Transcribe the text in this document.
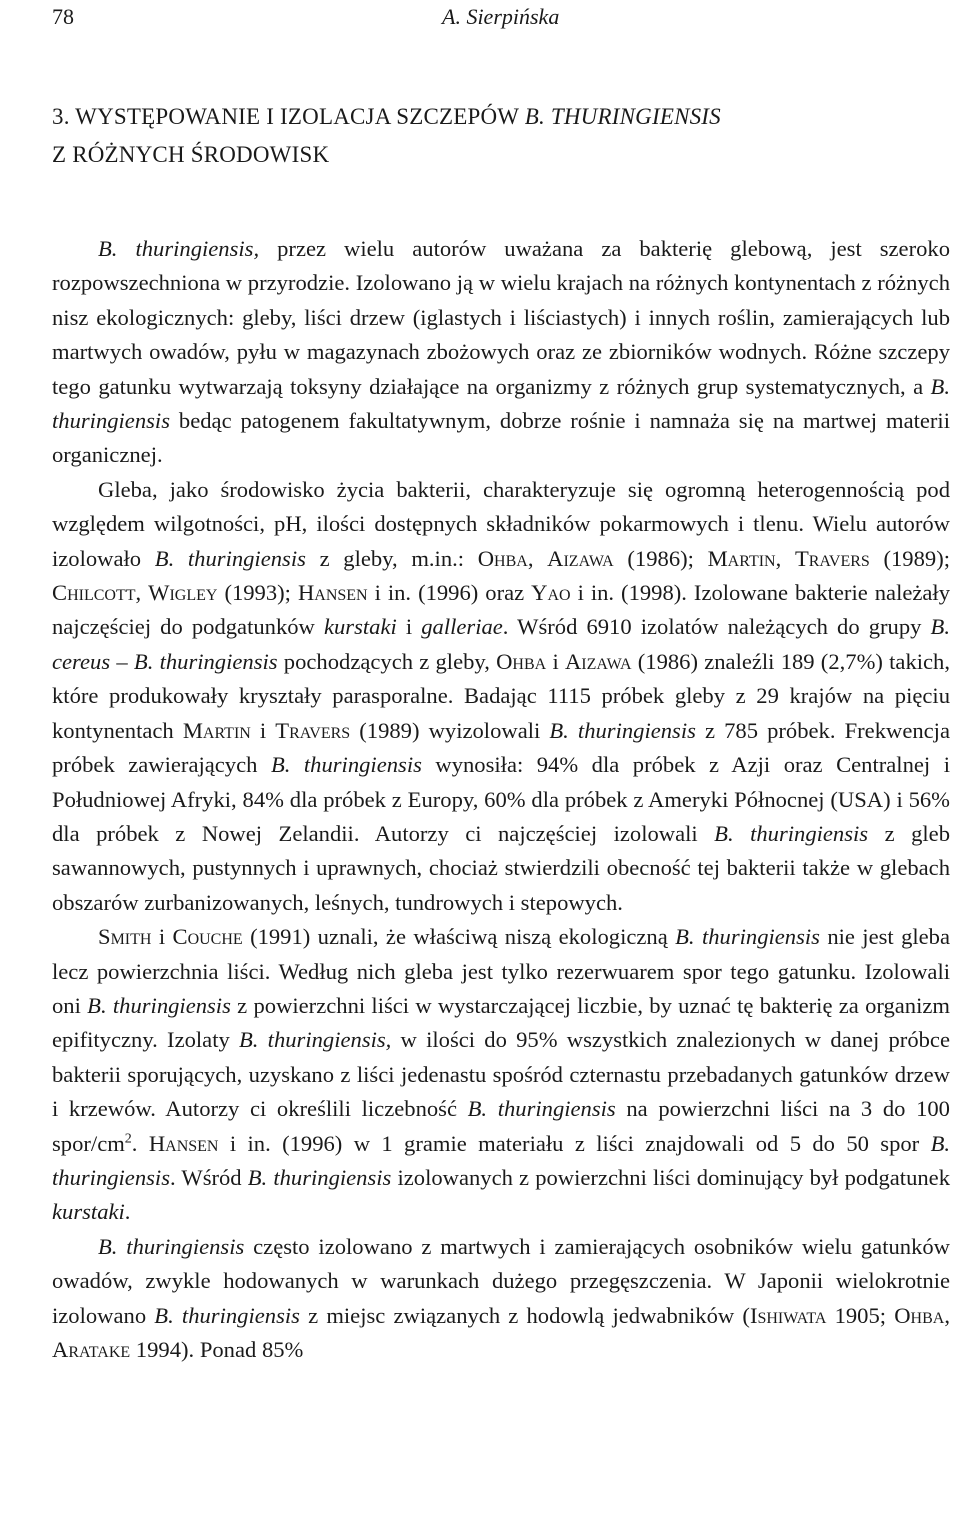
78	A. Sierpińska
3. WYSTĘPOWANIE I IZOLACJA SZCZEPÓW B. THURINGIENSIS
Z RÓŻNYCH ŚRODOWISK

B. thuringiensis, przez wielu autorów uważana za bakterię glebową, jest szeroko rozpowszechniona w przyrodzie. Izolowano ją w wielu krajach na różnych kontynentach z różnych nisz ekologicznych: gleby, liści drzew (iglastych i liściastych) i innych roślin, zamierających lub martwych owadów, pyłu w magazynach zbożowych oraz ze zbiorników wodnych. Różne szczepy tego gatunku wytwarzają toksyny działające na organizmy z różnych grup systematycznych, a B. thuringiensis bedąc patogenem fakultatywnym, dobrze rośnie i namnaża się na martwej materii organicznej.

Gleba, jako środowisko życia bakterii, charakteryzuje się ogromną heterogennością pod względem wilgotności, pH, ilości dostępnych składników pokarmowych i tlenu. Wielu autorów izolowało B. thuringiensis z gleby, m.in.: Ohba, Aizawa (1986); Martin, Travers (1989); Chilcott, Wigley (1993); Hansen i in. (1996) oraz Yao i in. (1998). Izolowane bakterie należały najczęściej do podgatunków kurstaki i galleriae. Wśród 6910 izolatów należących do grupy B. cereus – B. thuringiensis pochodzących z gleby, Ohba i Aizawa (1986) znaleźli 189 (2,7%) takich, które produkowały kryształy parasporalne. Badając 1115 próbek gleby z 29 krajów na pięciu kontynentach Martin i Travers (1989) wyizolowali B. thuringiensis z 785 próbek. Frekwencja próbek zawierających B. thuringiensis wynosiła: 94% dla próbek z Azji oraz Centralnej i Południowej Afryki, 84% dla próbek z Europy, 60% dla próbek z Ameryki Północnej (USA) i 56% dla próbek z Nowej Zelandii. Autorzy ci najczęściej izolowali B. thuringiensis z gleb sawannowych, pustynnych i uprawnych, chociaż stwierdzili obecność tej bakterii także w glebach obszarów zurbanizowanych, leśnych, tundrowych i stepowych.

Smith i Couche (1991) uznali, że właściwą niszą ekologiczną B. thuringiensis nie jest gleba lecz powierzchnia liści. Według nich gleba jest tylko rezerwuarem spor tego gatunku. Izolowali oni B. thuringiensis z powierzchni liści w wystarczającej liczbie, by uznać tę bakterię za organizm epifityczny. Izolaty B. thuringiensis, w ilości do 95% wszystkich znalezionych w danej próbce bakterii sporujących, uzyskano z liści jedenastu spośród czternastu przebadanych gatunków drzew i krzewów. Autorzy ci określili liczebność B. thuringiensis na powierzchni liści na 3 do 100 spor/$cm^2$. Hansen i in. (1996) w 1 gramie materiału z liści znajdowali od 5 do 50 spor B. thuringiensis. Wśród B. thuringiensis izolowanych z powierzchni liści dominujący był podgatunek kurstaki.

B. thuringiensis często izolowano z martwych i zamierających osobników wielu gatunków owadów, zwykle hodowanych w warunkach dużego przegęszczenia. W Japonii wielokrotnie izolowano B. thuringiensis z miejsc związanych z hodowlą jedwabników (Ishiwata 1905; Ohba, Aratake 1994). Ponad 85%
